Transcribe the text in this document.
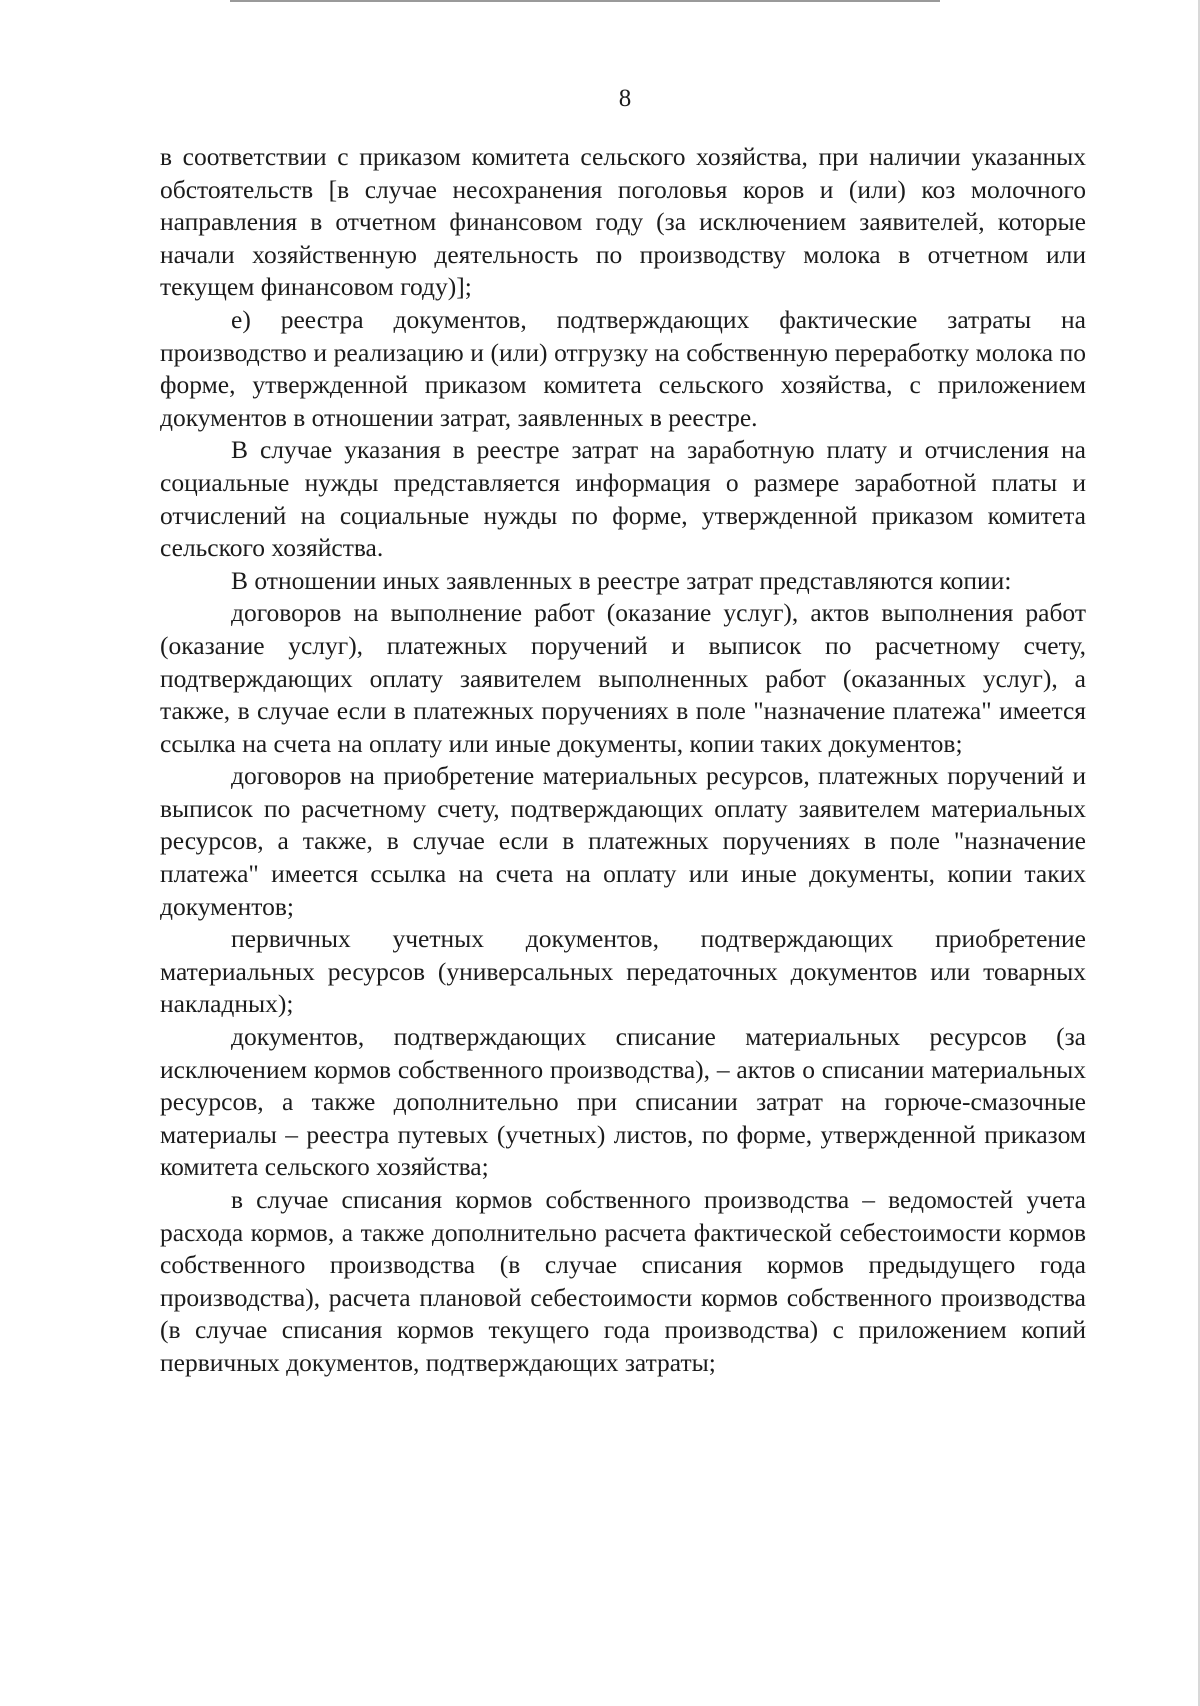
8

в соответствии с приказом комитета сельского хозяйства, при наличии указанных обстоятельств [в случае несохранения поголовья коров и (или) коз молочного направления в отчетном финансовом году (за исключением заявителей, которые начали хозяйственную деятельность по производству молока в отчетном или текущем финансовом году)];

е) реестра документов, подтверждающих фактические затраты на производство и реализацию и (или) отгрузку на собственную переработку молока по форме, утвержденной приказом комитета сельского хозяйства, с приложением документов в отношении затрат, заявленных в реестре.

В случае указания в реестре затрат на заработную плату и отчисления на социальные нужды представляется информация о размере заработной платы и отчислений на социальные нужды по форме, утвержденной приказом комитета сельского хозяйства.

В отношении иных заявленных в реестре затрат представляются копии:

договоров на выполнение работ (оказание услуг), актов выполнения работ (оказание услуг), платежных поручений и выписок по расчетному счету, подтверждающих оплату заявителем выполненных работ (оказанных услуг), а также, в случае если в платежных поручениях в поле "назначение платежа" имеется ссылка на счета на оплату или иные документы, копии таких документов;

договоров на приобретение материальных ресурсов, платежных поручений и выписок по расчетному счету, подтверждающих оплату заявителем материальных ресурсов, а также, в случае если в платежных поручениях в поле "назначение платежа" имеется ссылка на счета на оплату или иные документы, копии таких документов;

первичных учетных документов, подтверждающих приобретение материальных ресурсов (универсальных передаточных документов или товарных накладных);

документов, подтверждающих списание материальных ресурсов (за исключением кормов собственного производства), – актов о списании материальных ресурсов, а также дополнительно при списании затрат на горюче-смазочные материалы – реестра путевых (учетных) листов, по форме, утвержденной приказом комитета сельского хозяйства;

в случае списания кормов собственного производства – ведомостей учета расхода кормов, а также дополнительно расчета фактической себестоимости кормов собственного производства (в случае списания кормов предыдущего года производства), расчета плановой себестоимости кормов собственного производства (в случае списания кормов текущего года производства) с приложением копий первичных документов, подтверждающих затраты;
